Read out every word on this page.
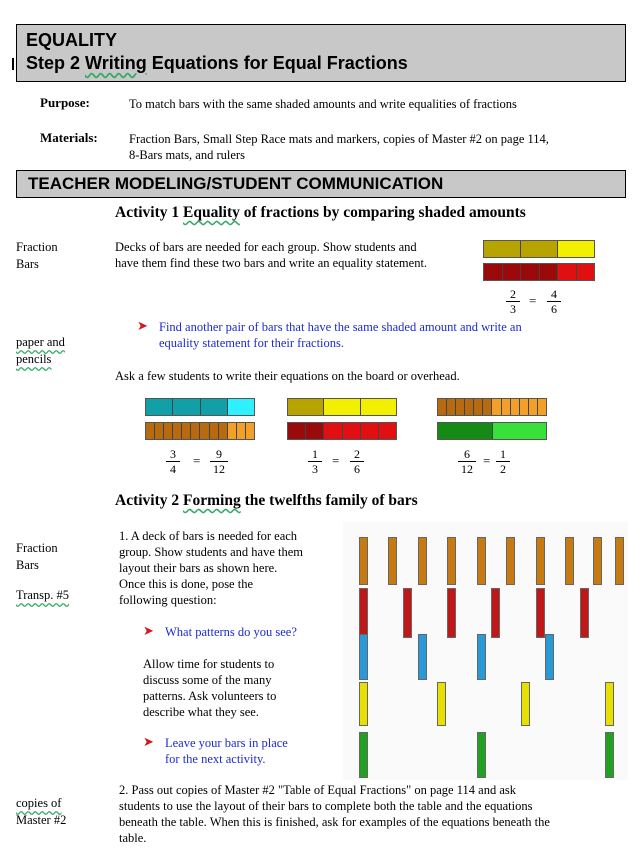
EQUALITY
Step 2 Writing Equations for Equal Fractions
Purpose:	To match bars with the same shaded amounts and write equalities of fractions
Materials: Fraction Bars, Small Step Race mats and markers, copies of Master #2 on page 114,
8-Bars mats, and rulers
TEACHER MODELING/STUDENT COMMUNICATION
Activity 1 Equality of fractions by comparing shaded amounts
Fraction
Bars
paper and
pencils
Decks of bars are needed for each group. Show students and
have them find these two bars and write an equality statement.
$\frac{2}{3} = \frac{4}{6}$
➤ Find another pair of bars that have the same shaded amount and write an
equality statement for their fractions.
Ask a few students to write their equations on the board or overhead.
$\frac{3}{4} = \frac{9}{12}$	$\frac{1}{3} = \frac{2}{6}$	$\frac{6}{12} = \frac{1}{2}$
Activity 2 Forming the twelfths family of bars
Fraction
Bars
Transp. #5
copies of
Master #2
1. A deck of bars is needed for each
group. Show students and have them
layout their bars as shown here.
Once this is done, pose the
following question:
➤ What patterns do you see?
Allow time for students to
discuss some of the many
patterns. Ask volunteers to
describe what they see.
➤ Leave your bars in place
for the next activity.
2. Pass out copies of Master #2 "Table of Equal Fractions" on page 114 and ask
students to use the layout of their bars to complete both the table and the equations
beneath the table. When this is finished, ask for examples of the equations beneath the
table.
